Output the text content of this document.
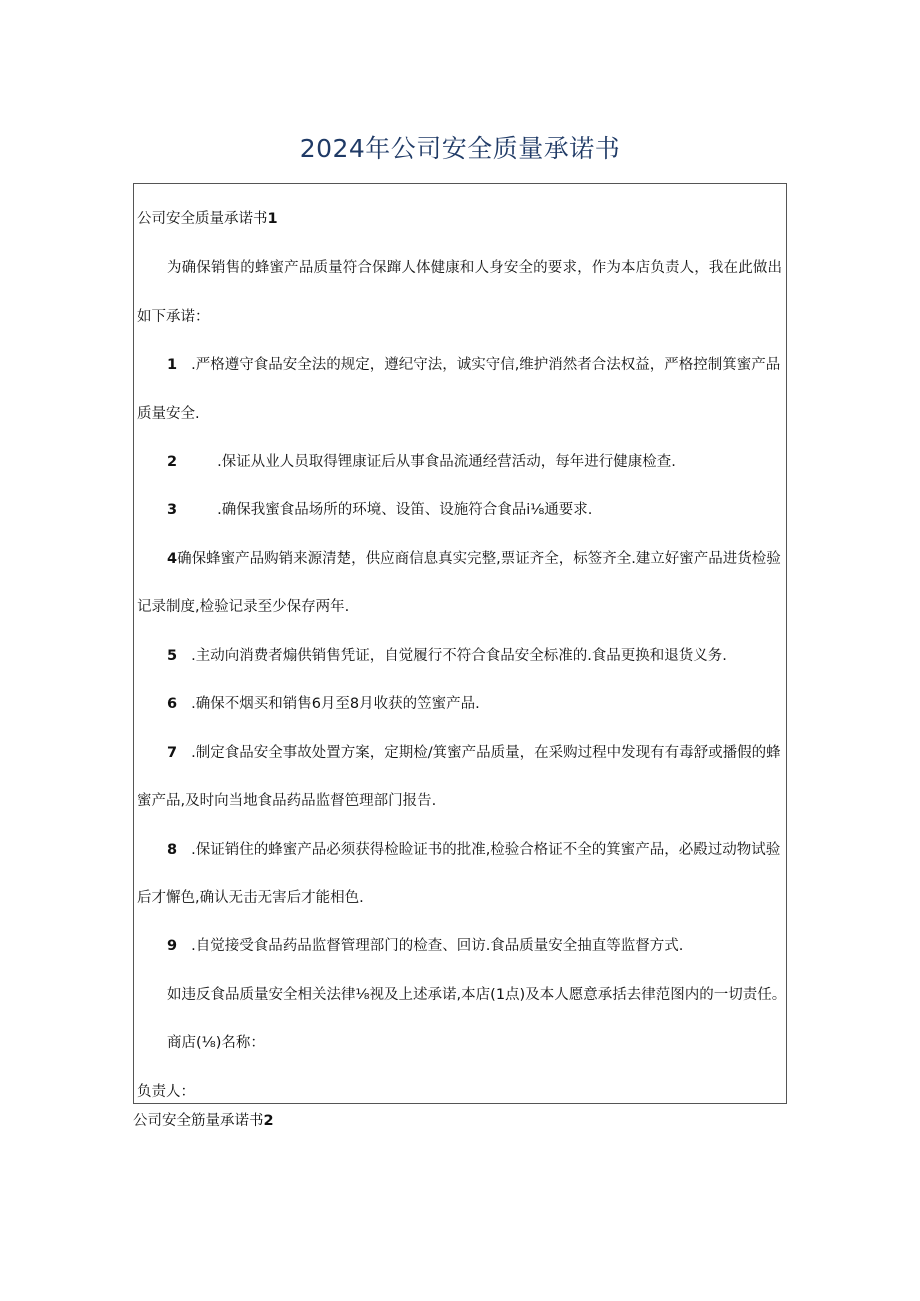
2024年公司安全质量承诺书
公司安全质量承诺书1
为确保销售的蜂蜜产品质量符合保蹿人体健康和人身安全的要求，作为本店负责人，我在此做出
如下承诺：
1 .严格遵守食品安全法的规定，遵纪守法，诚实守信,维护消然者合法权益，严格控制箕蜜产品
质量安全.
2	.保证从业人员取得锂康证后从事食品流通经营活动，每年进行健康检查.
3	.确保我蜜食品场所的环境、设笛、设施符合食品i⅛通要求.
4确保蜂蜜产品购销来源清楚，供应商信息真实完整,票证齐全，标签齐全.建立好蜜产品进货检验
记录制度,检验记录至少保存两年.
5 .主动向消费者煽供销售凭证，自觉履行不符合食品安全标准的.食品更换和退货义务.
6 .确保不烟买和销售6月至8月收获的笠蜜产品.
7 .制定食品安全事故处置方案，定期检/箕蜜产品质量，在采购过程中发现有有毒舒或播假的蜂
蜜产品,及时向当地食品药品监督笆理部门报告.
8 .保证销住的蜂蜜产品必须获得检睑证书的批准,检验合格证不全的箕蜜产品，必殿过动物试验
后才懈色,确认无击无害后才能相色.
9 .自觉接受食品药品监督管理部门的检查、回访.食品质量安全抽直等监督方式.
如违反食品质量安全相关法律⅛视及上述承诺,本店(1点)及本人愿意承括去律范图内的一切责任。
商店(⅛)名称：
负责人：
公司安全筋量承诺书2
